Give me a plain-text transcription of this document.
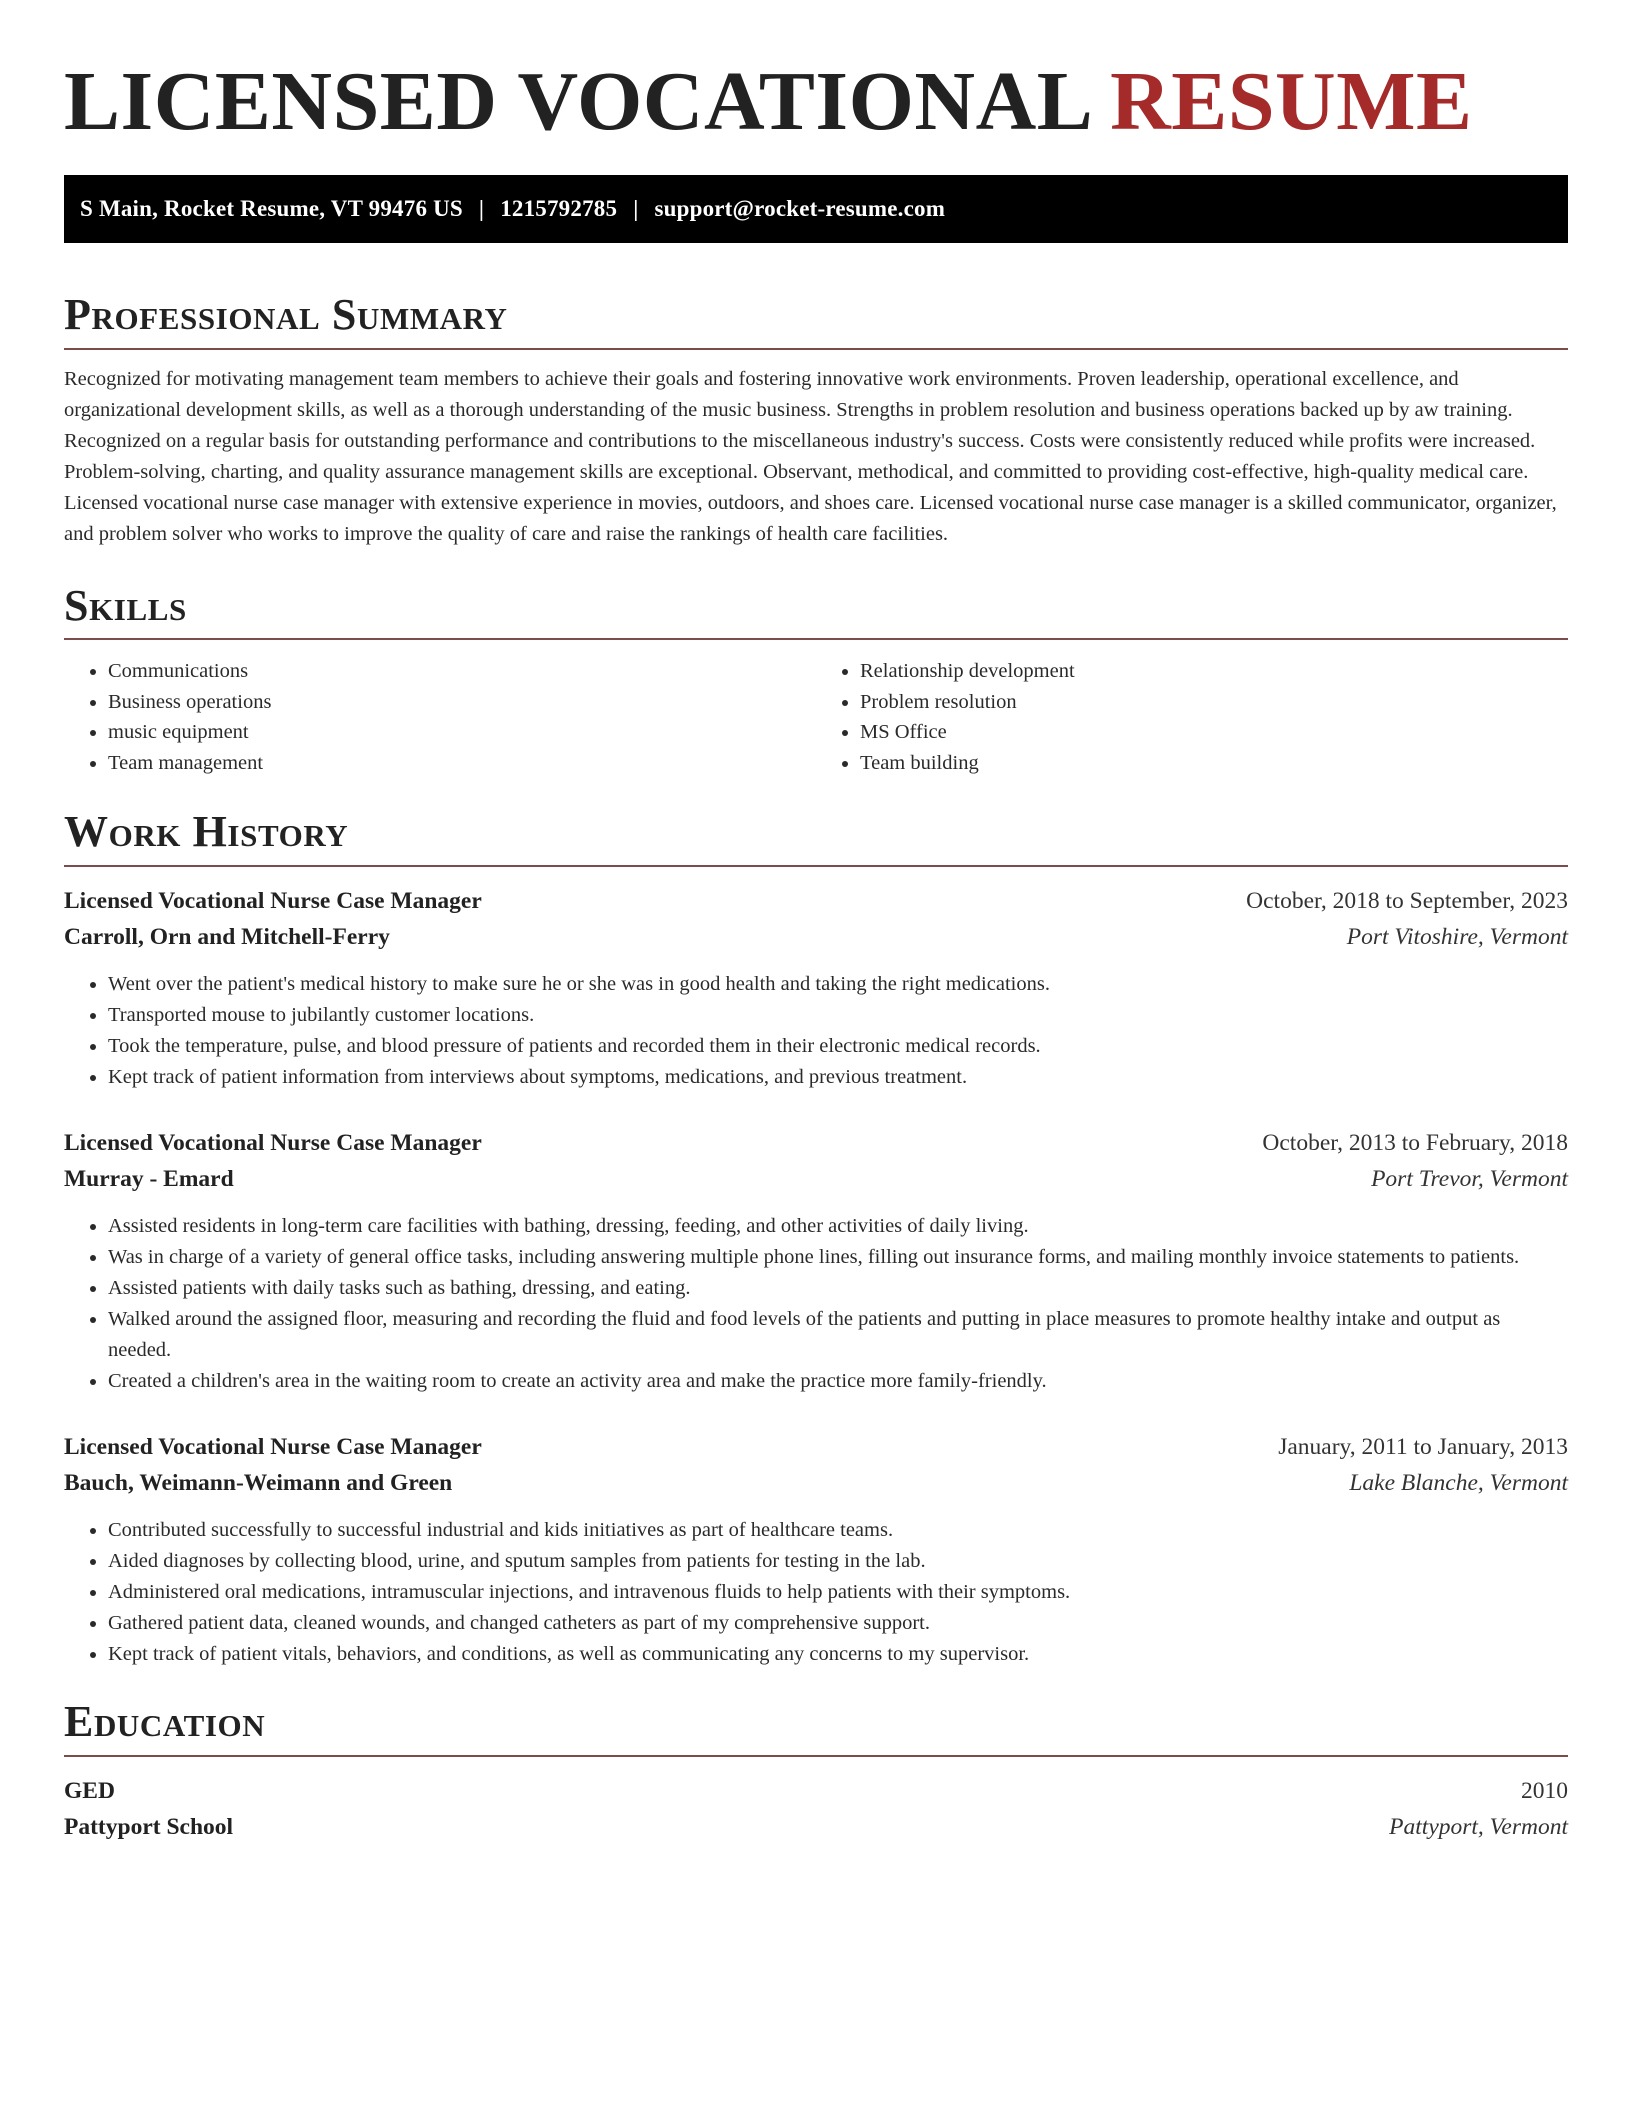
LICENSED VOCATIONAL RESUME
S Main, Rocket Resume, VT 99476 US | 1215792785 | support@rocket-resume.com
Professional Summary

Recognized for motivating management team members to achieve their goals and fostering innovative work environments. Proven leadership, operational excellence, and organizational development skills, as well as a thorough understanding of the music business. Strengths in problem resolution and business operations backed up by aw training. Recognized on a regular basis for outstanding performance and contributions to the miscellaneous industry's success. Costs were consistently reduced while profits were increased. Problem-solving, charting, and quality assurance management skills are exceptional. Observant, methodical, and committed to providing cost-effective, high-quality medical care. Licensed vocational nurse case manager with extensive experience in movies, outdoors, and shoes care. Licensed vocational nurse case manager is a skilled communicator, organizer, and problem solver who works to improve the quality of care and raise the rankings of health care facilities.

Skills
• Communications
• Business operations
• music equipment
• Team management
• Relationship development
• Problem resolution
• MS Office
• Team building
Work History
Licensed Vocational Nurse Case Manager	October, 2018 to September, 2023
Carroll, Orn and Mitchell-Ferry	Port Vitoshire, Vermont
• Went over the patient's medical history to make sure he or she was in good health and taking the right medications.
• Transported mouse to jubilantly customer locations.
• Took the temperature, pulse, and blood pressure of patients and recorded them in their electronic medical records.
• Kept track of patient information from interviews about symptoms, medications, and previous treatment.
Licensed Vocational Nurse Case Manager	October, 2013 to February, 2018
Murray - Emard	Port Trevor, Vermont
• Assisted residents in long-term care facilities with bathing, dressing, feeding, and other activities of daily living.
• Was in charge of a variety of general office tasks, including answering multiple phone lines, filling out insurance forms, and mailing monthly invoice statements to patients.
• Assisted patients with daily tasks such as bathing, dressing, and eating.
• Walked around the assigned floor, measuring and recording the fluid and food levels of the patients and putting in place measures to promote healthy intake and output as needed.
• Created a children's area in the waiting room to create an activity area and make the practice more family-friendly.
Licensed Vocational Nurse Case Manager	January, 2011 to January, 2013
Bauch, Weimann-Weimann and Green	Lake Blanche, Vermont
• Contributed successfully to successful industrial and kids initiatives as part of healthcare teams.
• Aided diagnoses by collecting blood, urine, and sputum samples from patients for testing in the lab.
• Administered oral medications, intramuscular injections, and intravenous fluids to help patients with their symptoms.
• Gathered patient data, cleaned wounds, and changed catheters as part of my comprehensive support.
• Kept track of patient vitals, behaviors, and conditions, as well as communicating any concerns to my supervisor.
Education
GED	2010
Pattyport School	Pattyport, Vermont
